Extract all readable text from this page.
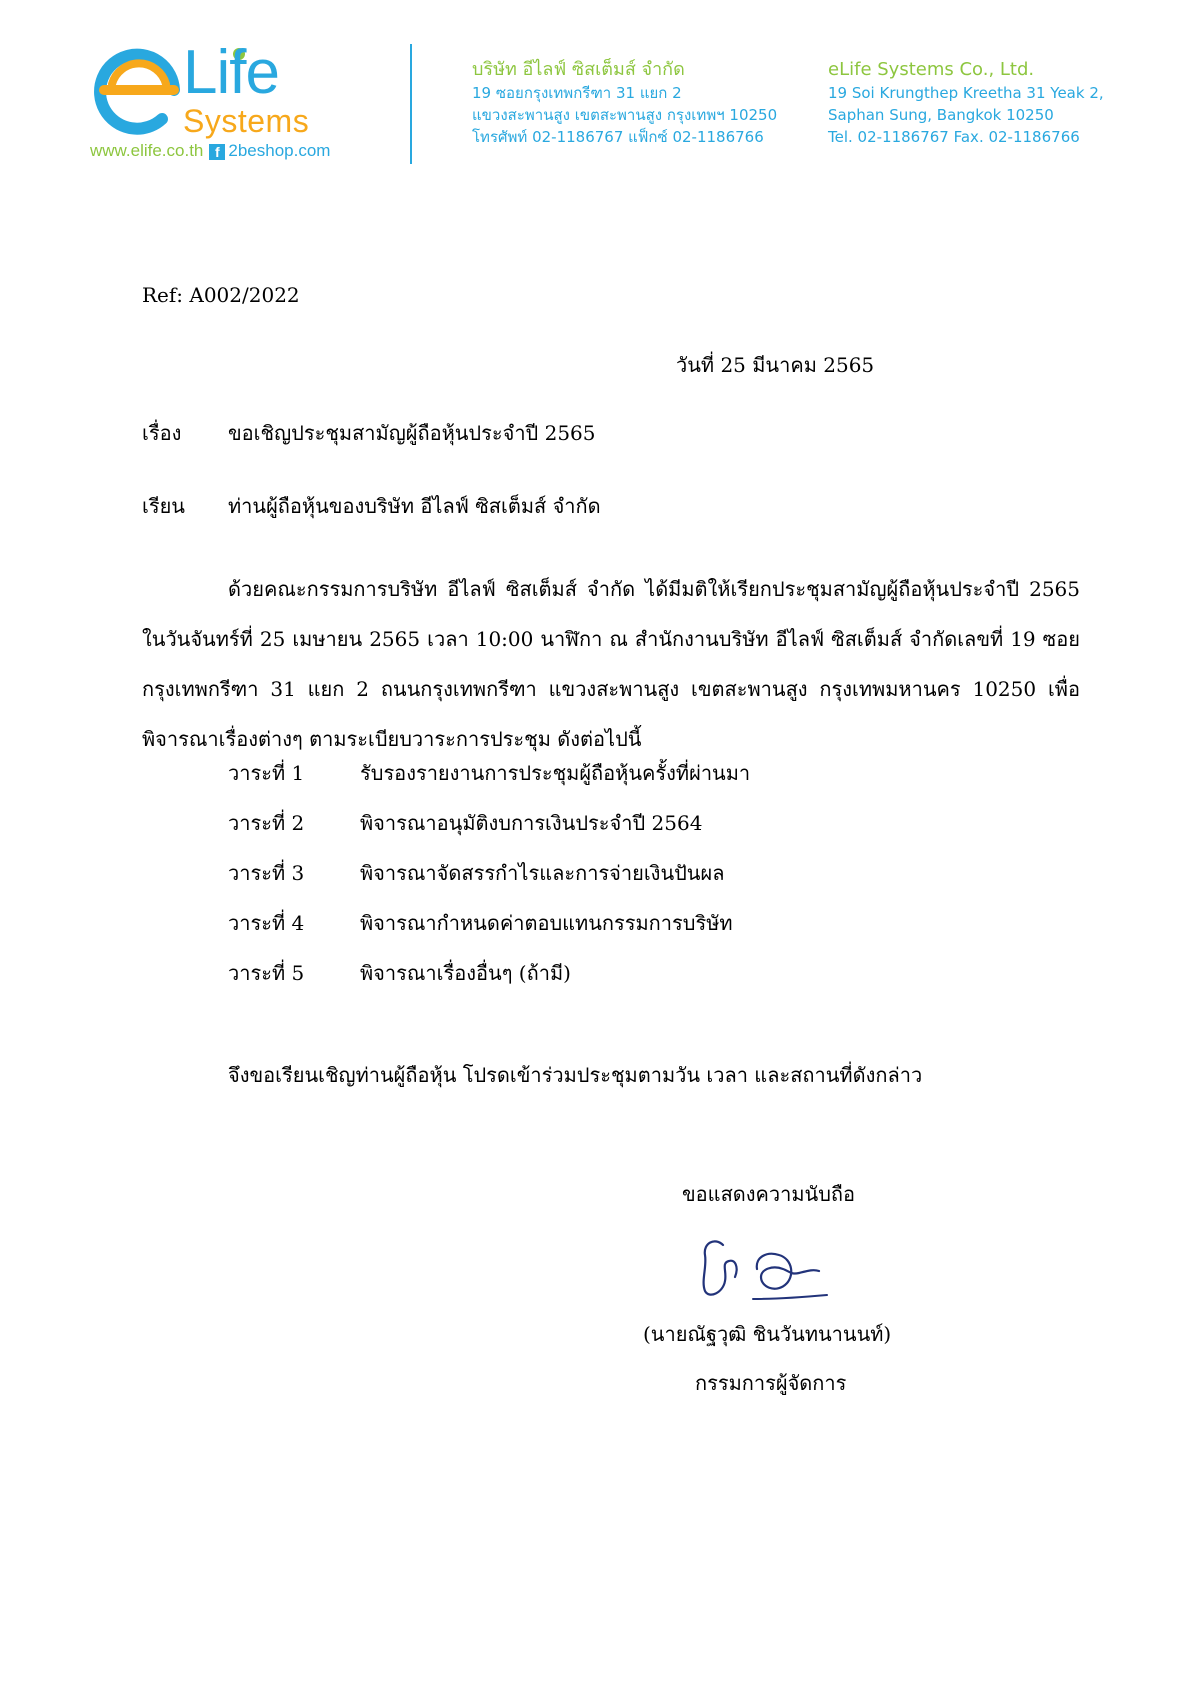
Life
Systems
www.elife.co.th f 2beshop.com
บริษัท อีไลฟ์ ซิสเต็มส์ จำกัด
19 ซอยกรุงเทพกรีฑา 31 แยก 2
แขวงสะพานสูง เขตสะพานสูง กรุงเทพฯ 10250
โทรศัพท์ 02-1186767 แฟ็กซ์ 02-1186766
eLife Systems Co., Ltd.
19 Soi Krungthep Kreetha 31 Yeak 2,
Saphan Sung, Bangkok 10250
Tel. 02-1186767 Fax. 02-1186766
Ref: A002/2022
วันที่ 25 มีนาคม 2565
เรื่อง ขอเชิญประชุมสามัญผู้ถือหุ้นประจำปี 2565
เรียน ท่านผู้ถือหุ้นของบริษัท อีไลฟ์ ซิสเต็มส์ จำกัด
ด้วยคณะกรรมการบริษัท อีไลฟ์ ซิสเต็มส์ จำกัด ได้มีมติให้เรียกประชุมสามัญผู้ถือหุ้นประจำปี 2565
ในวันจันทร์ที่ 25 เมษายน 2565 เวลา 10:00 นาฬิกา ณ สำนักงานบริษัท อีไลฟ์ ซิสเต็มส์ จำกัดเลขที่ 19 ซอย
กรุงเทพกรีฑา 31 แยก 2 ถนนกรุงเทพกรีฑา แขวงสะพานสูง เขตสะพานสูง กรุงเทพมหานคร 10250 เพื่อ
พิจารณาเรื่องต่างๆ ตามระเบียบวาระการประชุม ดังต่อไปนี้
วาระที่ 1	รับรองรายงานการประชุมผู้ถือหุ้นครั้งที่ผ่านมา
วาระที่ 2	พิจารณาอนุมัติงบการเงินประจำปี 2564
วาระที่ 3	พิจารณาจัดสรรกำไรและการจ่ายเงินปันผล
วาระที่ 4	พิจารณากำหนดค่าตอบแทนกรรมการบริษัท
วาระที่ 5	พิจารณาเรื่องอื่นๆ (ถ้ามี)
จึงขอเรียนเชิญท่านผู้ถือหุ้น โปรดเข้าร่วมประชุมตามวัน เวลา และสถานที่ดังกล่าว
ขอแสดงความนับถือ
(นายณัฐวุฒิ ชินวันทนานนท์)
กรรมการผู้จัดการ
